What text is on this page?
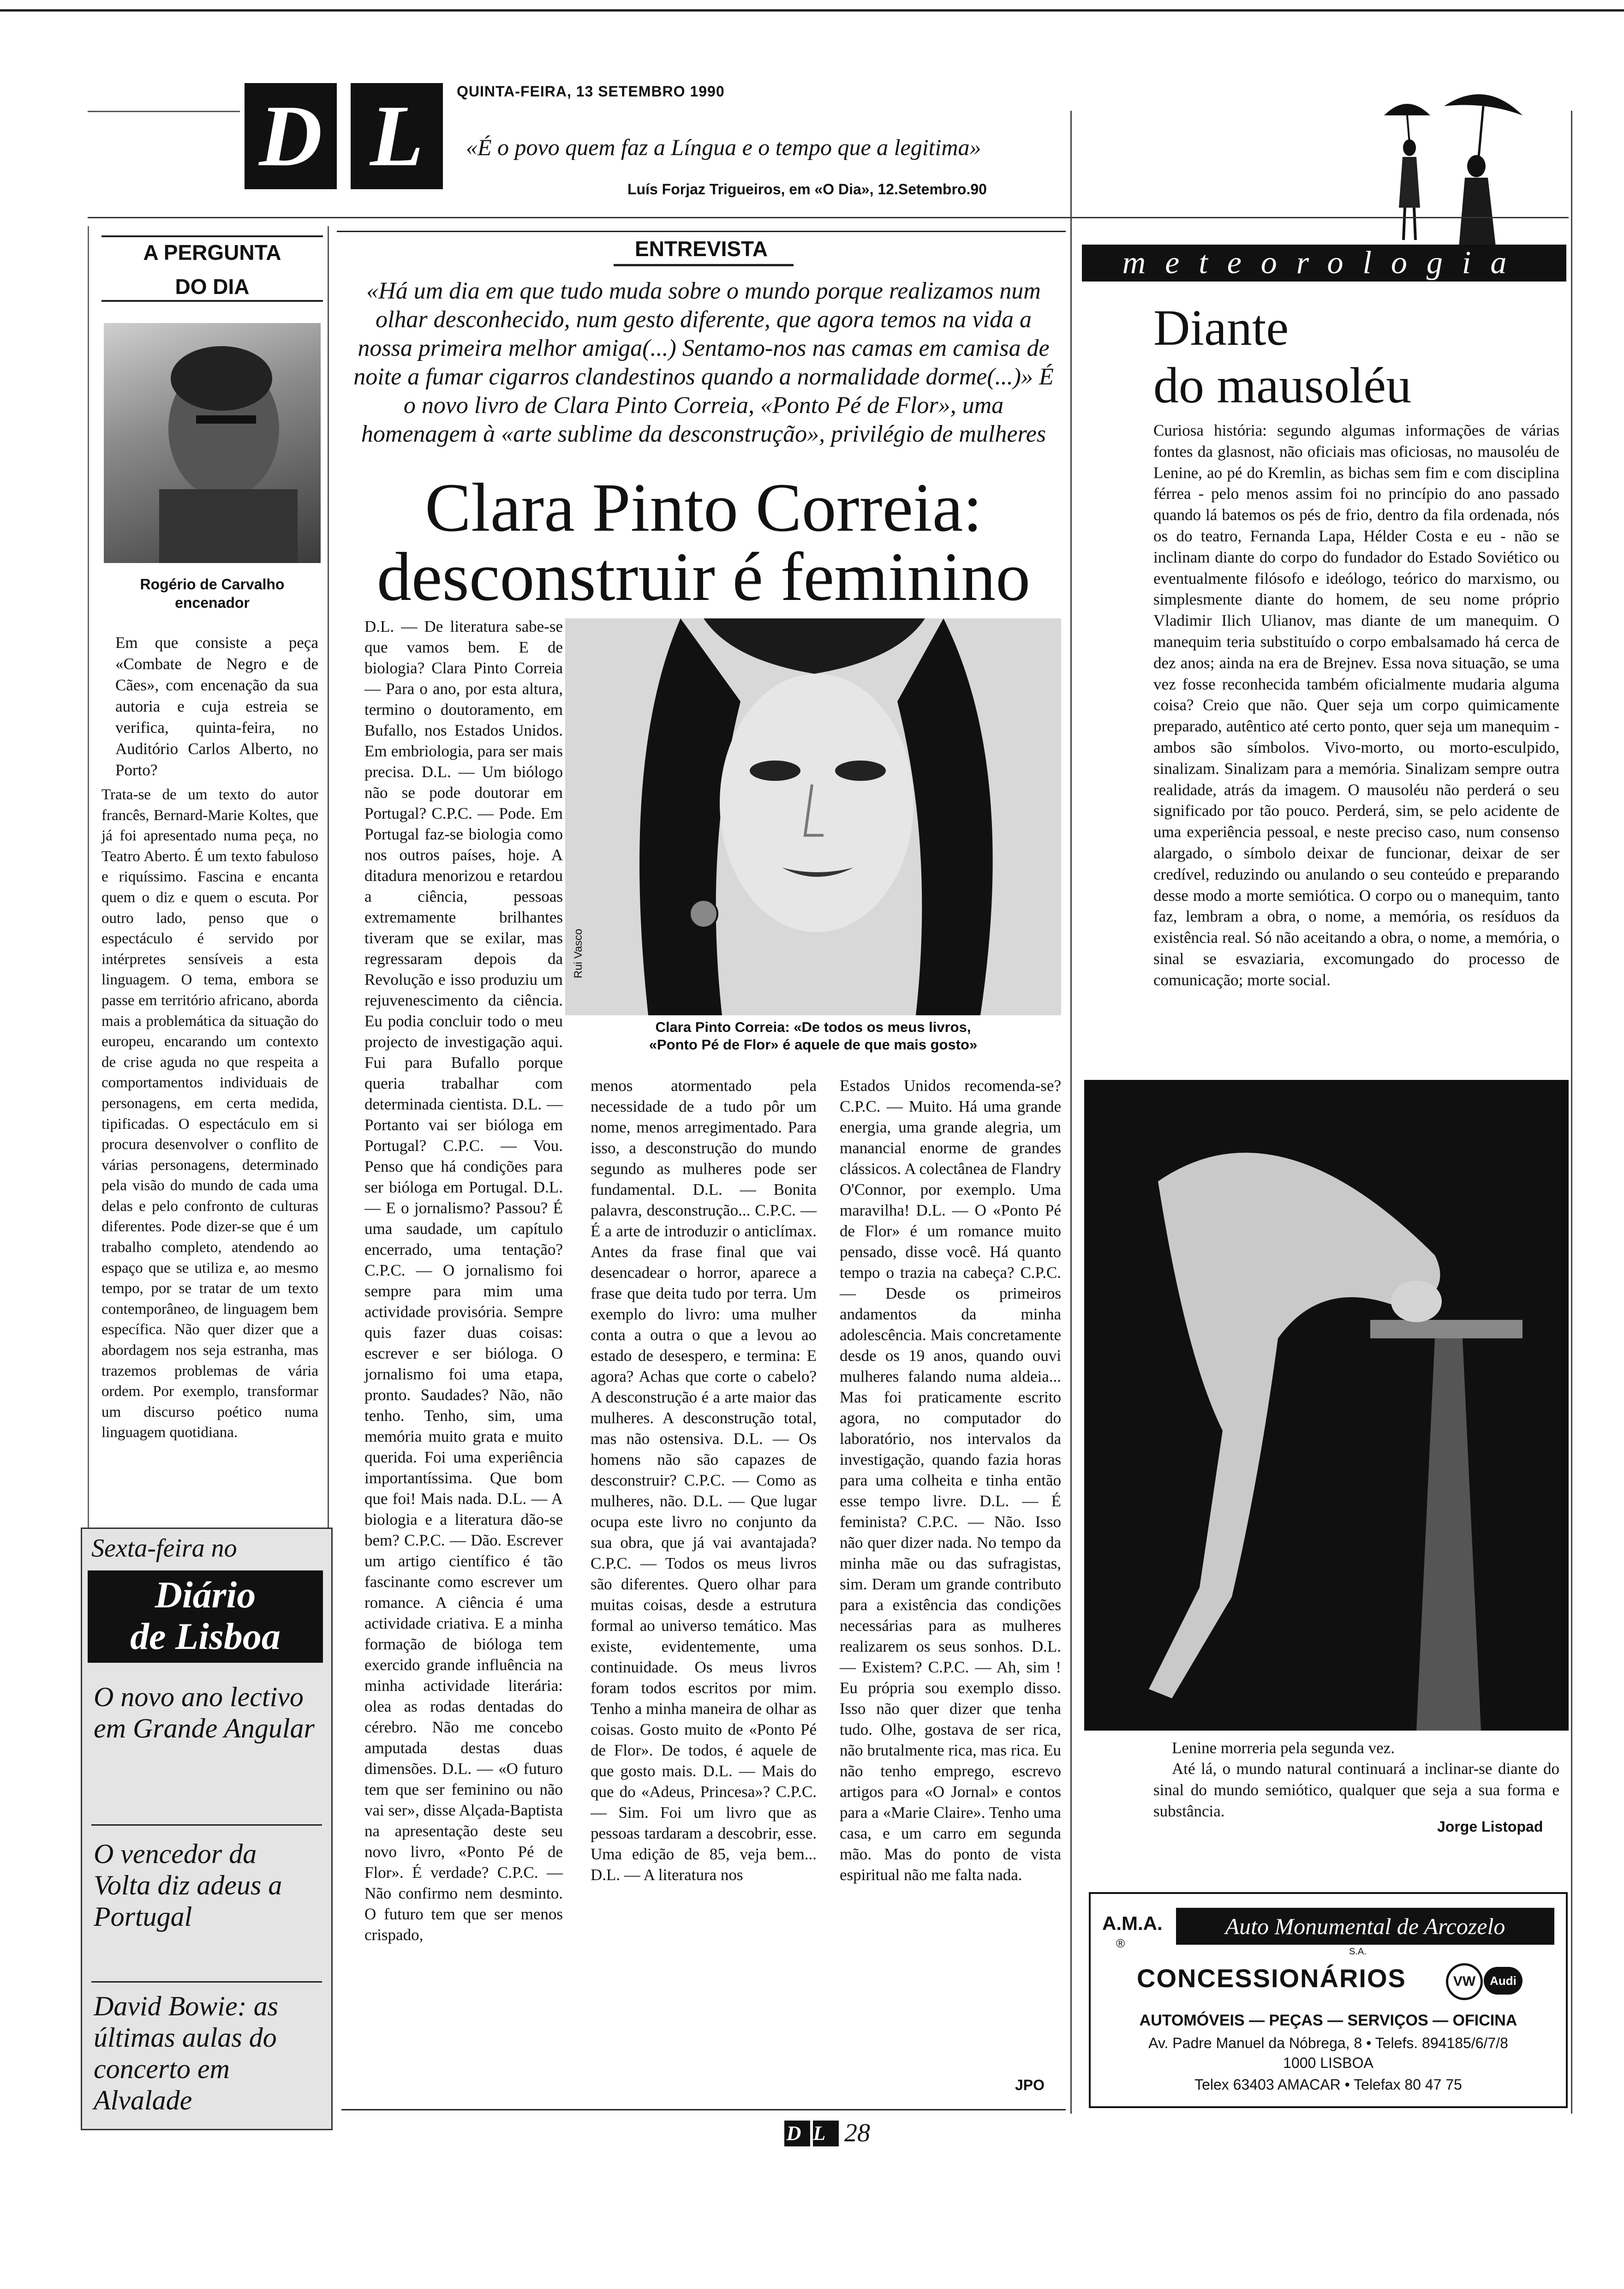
D L	QUINTA-FEIRA, 13 SETEMBRO 1990
«É o povo quem faz a Língua e o tempo que a legitima»
Luís Forjaz Trigueiros, em «O Dia», 12.Setembro.90
A PERGUNTA
DO DIA
Rogério de Carvalho
encenador
Em que consiste a peça «Combate de Negro e de Cães», com encenação da sua autoria e cuja estreia se verifica, quinta-feira, no Auditório Carlos Alberto, no Porto?
Trata-se de um texto do autor francês, Bernard-Marie Koltes, que já foi apresentado numa peça, no Teatro Aberto. É um texto fabuloso e riquíssimo. Fascina e encanta quem o diz e quem o escuta. Por outro lado, penso que o espectáculo é servido por intérpretes sensíveis a esta linguagem. O tema, embora se passe em território africano, aborda mais a problemática da situação do europeu, encarando um contexto de crise aguda no que respeita a comportamentos individuais de personagens, em certa medida, tipificadas. O espectáculo em si procura desenvolver o conflito de várias personagens, determinado pela visão do mundo de cada uma delas e pelo confronto de culturas diferentes. Pode dizer-se que é um trabalho completo, atendendo ao espaço que se utiliza e, ao mesmo tempo, por se tratar de um texto contemporâneo, de linguagem bem específica. Não quer dizer que a abordagem nos seja estranha, mas trazemos problemas de vária ordem. Por exemplo, transformar um discurso poético numa linguagem quotidiana.
Sexta-feira no
Diário
de Lisboa
O novo ano lectivo em Grande Angular
O vencedor da Volta diz adeus a Portugal
David Bowie: as últimas aulas do concerto em Alvalade
ENTREVISTA
«Há um dia em que tudo muda sobre o mundo porque realizamos num olhar desconhecido, num gesto diferente, que agora temos na vida a nossa primeira melhor amiga(...) Sentamo-nos nas camas em camisa de noite a fumar cigarros clandestinos quando a normalidade dorme(...)» É o novo livro de Clara Pinto Correia, «Ponto Pé de Flor», uma homenagem à «arte sublime da desconstrução», privilégio de mulheres
Clara Pinto Correia:
desconstruir é feminino
Rui Vasco
Clara Pinto Correia: «De todos os meus livros,
«Ponto Pé de Flor» é aquele de que mais gosto»
D.L. — De literatura sabe-se que vamos bem. E de biologia? Clara Pinto Correia — Para o ano, por esta altura, termino o doutoramento, em Bufallo, nos Estados Unidos. Em embriologia, para ser mais precisa. D.L. — Um biólogo não se pode doutorar em Portugal? C.P.C. — Pode. Em Portugal faz-se biologia como nos outros países, hoje. A ditadura menorizou e retardou a ciência, pessoas extremamente brilhantes tiveram que se exilar, mas regressaram depois da Revolução e isso produziu um rejuvenescimento da ciência. Eu podia concluir todo o meu projecto de investigação aqui. Fui para Bufallo porque queria trabalhar com determinada cientista. D.L. — Portanto vai ser bióloga em Portugal? C.P.C. — Vou. Penso que há condições para ser bióloga em Portugal. D.L. — E o jornalismo? Passou? É uma saudade, um capítulo encerrado, uma tentação? C.P.C. — O jornalismo foi sempre para mim uma actividade provisória. Sempre quis fazer duas coisas: escrever e ser bióloga. O jornalismo foi uma etapa, pronto. Saudades? Não, não tenho. Tenho, sim, uma memória muito grata e muito querida. Foi uma experiência importantíssima. Que bom que foi! Mais nada. D.L. — A biologia e a literatura dão-se bem? C.P.C. — Dão. Escrever um artigo científico é tão fascinante como escrever um romance. A ciência é uma actividade criativa. E a minha formação de bióloga tem exercido grande influência na minha actividade literária: olea as rodas dentadas do cérebro. Não me concebo amputada destas duas dimensões. D.L. — «O futuro tem que ser feminino ou não vai ser», disse Alçada-Baptista na apresentação deste seu novo livro, «Ponto Pé de Flor». É verdade? C.P.C. — Não confirmo nem desminto. O futuro tem que ser menos crispado,
menos atormentado pela necessidade de a tudo pôr um nome, menos arregimentado. Para isso, a desconstrução do mundo segundo as mulheres pode ser fundamental. D.L. — Bonita palavra, desconstrução... C.P.C. — É a arte de introduzir o anticlímax. Antes da frase final que vai desencadear o horror, aparece a frase que deita tudo por terra. Um exemplo do livro: uma mulher conta a outra o que a levou ao estado de desespero, e termina: E agora? Achas que corte o cabelo? A desconstrução é a arte maior das mulheres. A desconstrução total, mas não ostensiva. D.L. — Os homens não são capazes de desconstruir? C.P.C. — Como as mulheres, não. D.L. — Que lugar ocupa este livro no conjunto da sua obra, que já vai avantajada? C.P.C. — Todos os meus livros são diferentes. Quero olhar para muitas coisas, desde a estrutura formal ao universo temático. Mas existe, evidentemente, uma continuidade. Os meus livros foram todos escritos por mim. Tenho a minha maneira de olhar as coisas. Gosto muito de «Ponto Pé de Flor». De todos, é aquele de que gosto mais. D.L. — Mais do que do «Adeus, Princesa»? C.P.C. — Sim. Foi um livro que as pessoas tardaram a descobrir, esse. Uma edição de 85, veja bem... D.L. — A literatura nos
Estados Unidos recomenda-se? C.P.C. — Muito. Há uma grande energia, uma grande alegria, um manancial enorme de grandes clássicos. A colectânea de Flandry O'Connor, por exemplo. Uma maravilha! D.L. — O «Ponto Pé de Flor» é um romance muito pensado, disse você. Há quanto tempo o trazia na cabeça? C.P.C. — Desde os primeiros andamentos da minha adolescência. Mais concretamente desde os 19 anos, quando ouvi mulheres falando numa aldeia... Mas foi praticamente escrito agora, no computador do laboratório, nos intervalos da investigação, quando fazia horas para uma colheita e tinha então esse tempo livre. D.L. — É feminista? C.P.C. — Não. Isso não quer dizer nada. No tempo da minha mãe ou das sufragistas, sim. Deram um grande contributo para a existência das condições necessárias para as mulheres realizarem os seus sonhos. D.L. — Existem? C.P.C. — Ah, sim ! Eu própria sou exemplo disso. Isso não quer dizer que tenha tudo. Olhe, gostava de ser rica, não brutalmente rica, mas rica. Eu não tenho emprego, escrevo artigos para «O Jornal» e contos para a «Marie Claire». Tenho uma casa, e um carro em segunda mão. Mas do ponto de vista espiritual não me falta nada.
JPO
meteorologia
Diante
do mausoléu
Curiosa história: segundo algumas informações de várias fontes da glasnost, não oficiais mas oficiosas, no mausoléu de Lenine, ao pé do Kremlin, as bichas sem fim e com disciplina férrea - pelo menos assim foi no princípio do ano passado quando lá batemos os pés de frio, dentro da fila ordenada, nós os do teatro, Fernanda Lapa, Hélder Costa e eu - não se inclinam diante do corpo do fundador do Estado Soviético ou eventualmente filósofo e ideólogo, teórico do marxismo, ou simplesmente diante do homem, de seu nome próprio Vladimir Ilich Ulianov, mas diante de um manequim. O manequim teria substituído o corpo embalsamado há cerca de dez anos; ainda na era de Brejnev. Essa nova situação, se uma vez fosse reconhecida também oficialmente mudaria alguma coisa? Creio que não. Quer seja um corpo quimicamente preparado, autêntico até certo ponto, quer seja um manequim - ambos são símbolos. Vivo-morto, ou morto-esculpido, sinalizam. Sinalizam para a memória. Sinalizam sempre outra realidade, atrás da imagem. O mausoléu não perderá o seu significado por tão pouco. Perderá, sim, se pelo acidente de uma experiência pessoal, e neste preciso caso, num consenso alargado, o símbolo deixar de funcionar, deixar de ser credível, reduzindo ou anulando o seu conteúdo e preparando desse modo a morte semiótica. O corpo ou o manequim, tanto faz, lembram a obra, o nome, a memória, os resíduos da existência real. Só não aceitando a obra, o nome, a memória, o sinal se esvaziaria, excomungado do processo de comunicação; morte social.
Lenine morreria pela segunda vez.
Até lá, o mundo natural continuará a inclinar-se diante do sinal do mundo semiótico, qualquer que seja a sua forma e substância.
Jorge Listopad
A.M.A.
®
Auto Monumental de Arcozelo
S.A.
CONCESSIONÁRIOS	VW	Audi
AUTOMÓVEIS — PEÇAS — SERVIÇOS — OFICINA
Av. Padre Manuel da Nóbrega, 8 • Telefs. 894185/6/7/8
1000 LISBOA
Telex 63403 AMACAR • Telefax 80 47 75
DL 28
